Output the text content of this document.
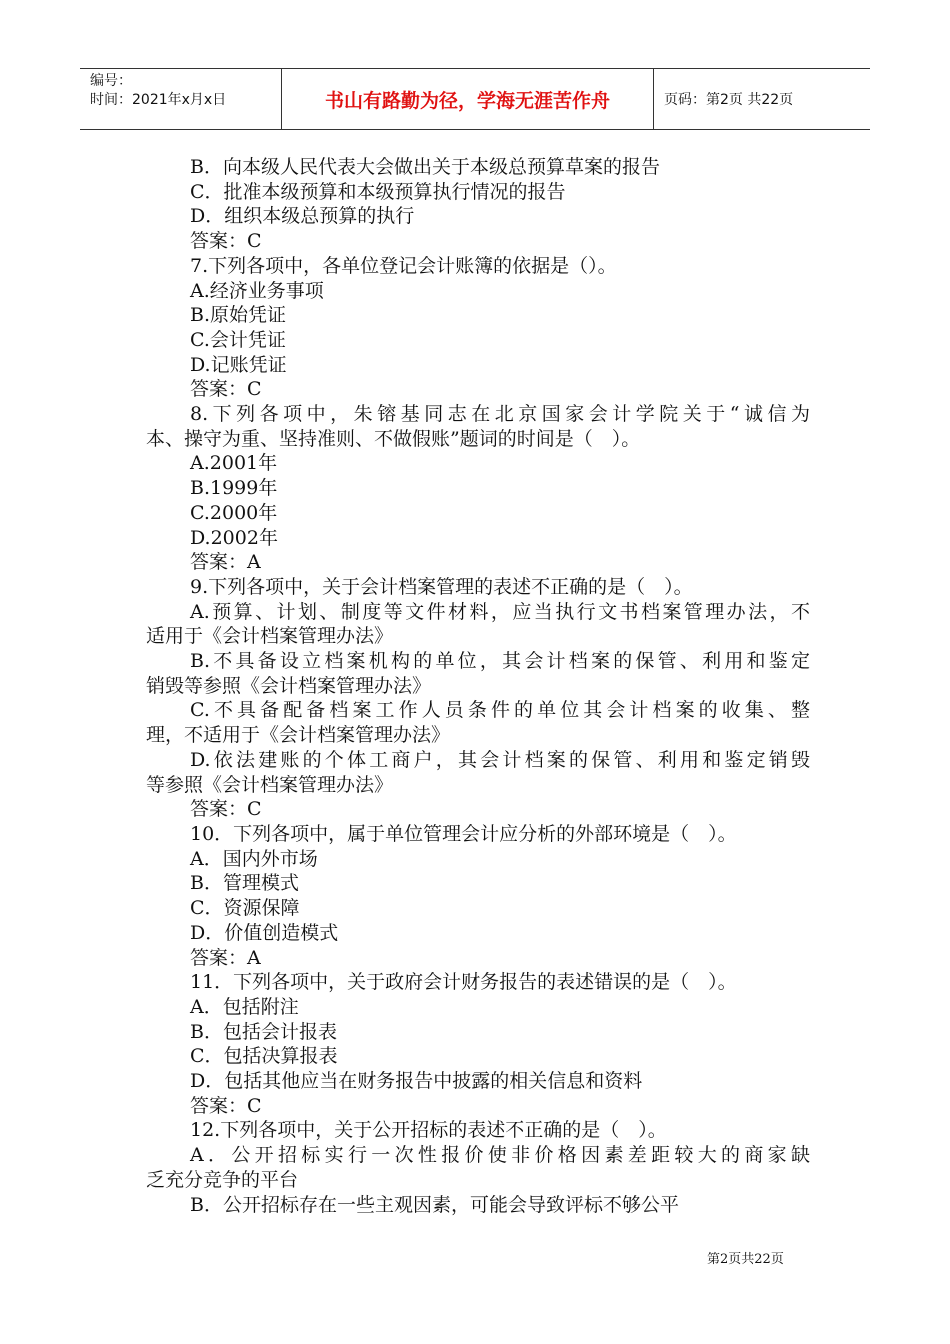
编号：
时间：2021年x月x日	书山有路勤为径，学海无涯苦作舟	页码：第2页 共22页
B．向本级人民代表大会做出关于本级总预算草案的报告
C．批准本级预算和本级预算执行情况的报告
D．组织本级总预算的执行
答案：C
7.下列各项中，各单位登记会计账簿的依据是（）。
A.经济业务事项
B.原始凭证
C.会计凭证
D.记账凭证
答案：C
8.下列各项中，朱镕基同志在北京国家会计学院关于“诚信为
本、操守为重、坚持准则、不做假账”题词的时间是（　）。
A.2001年
B.1999年
C.2000年
D.2002年
答案：A
9.下列各项中，关于会计档案管理的表述不正确的是（　）。
A.预算、计划、制度等文件材料，应当执行文书档案管理办法，不
适用于《会计档案管理办法》
B.不具备设立档案机构的单位，其会计档案的保管、利用和鉴定
销毁等参照《会计档案管理办法》
C.不具备配备档案工作人员条件的单位其会计档案的收集、整
理，不适用于《会计档案管理办法》
D.依法建账的个体工商户，其会计档案的保管、利用和鉴定销毁
等参照《会计档案管理办法》
答案：C
10．下列各项中，属于单位管理会计应分析的外部环境是（　）。
A．国内外市场
B．管理模式
C．资源保障
D．价值创造模式
答案：A
11．下列各项中，关于政府会计财务报告的表述错误的是（　）。
A．包括附注
B．包括会计报表
C．包括决算报表
D．包括其他应当在财务报告中披露的相关信息和资料
答案：C
12.下列各项中，关于公开招标的表述不正确的是（　）。
A．公开招标实行一次性报价使非价格因素差距较大的商家缺
乏充分竞争的平台
B．公开招标存在一些主观因素，可能会导致评标不够公平
第2页共22页
